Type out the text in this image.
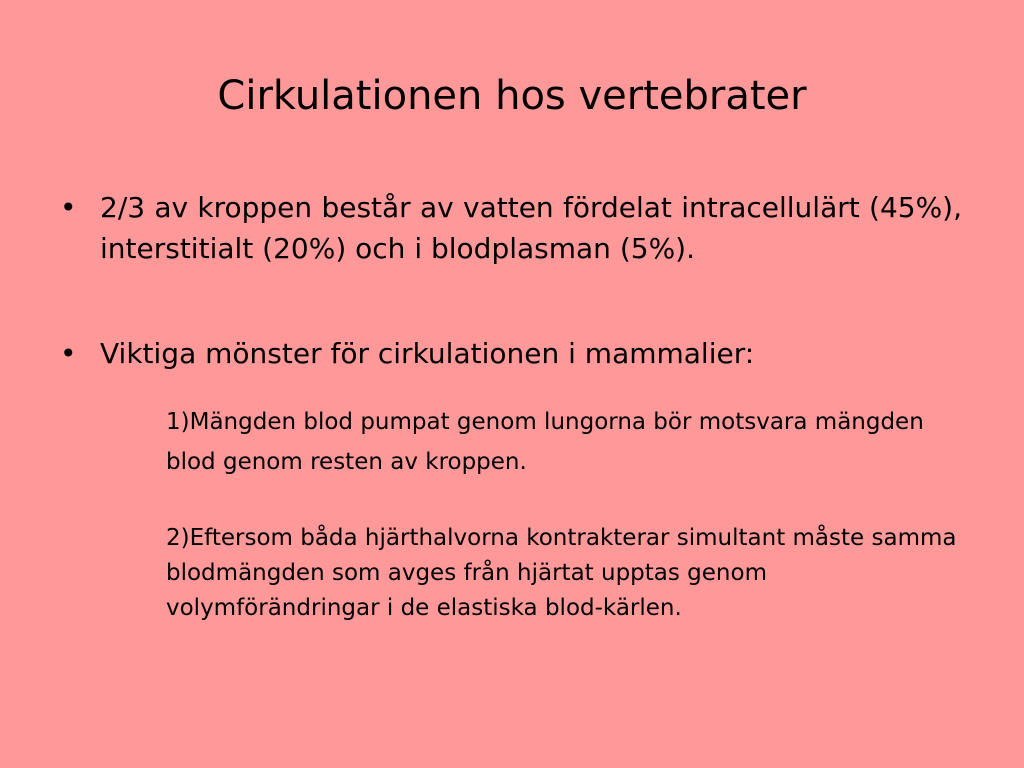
Cirkulationen hos vertebrater
• 2/3 av kroppen består av vatten fördelat intracellulärt (45%), interstitialt (20%) och i blodplasman (5%).
• Viktiga mönster för cirkulationen i mammalier:

1)Mängden blod pumpat genom lungorna bör motsvara mängden blod genom resten av kroppen.

2)Eftersom båda hjärthalvorna kontrakterar simultant måste samma blodmängden som avges från hjärtat upptas genom volymförändringar i de elastiska blod-kärlen.
